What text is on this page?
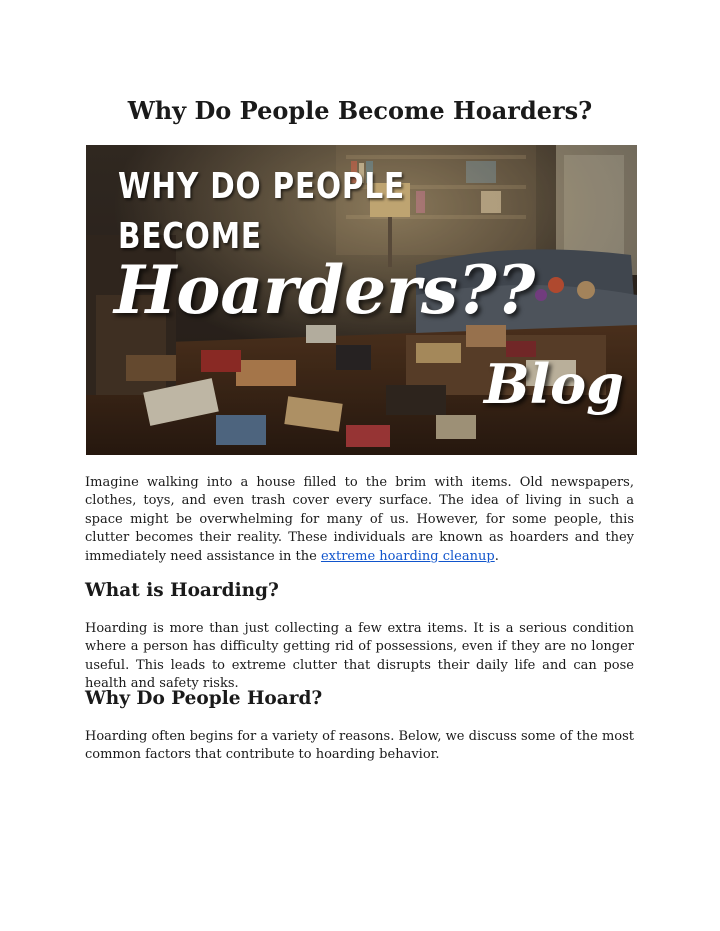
Why Do People Become Hoarders?
WHY DO PEOPLE
BECOME
Hoarders??
Blog

Imagine walking into a house filled to the brim with items. Old newspapers, clothes, toys, and even trash cover every surface. The idea of living in such a space might be overwhelming for many of us. However, for some people, this clutter becomes their reality. These individuals are known as hoarders and they immediately need assistance in the extreme hoarding cleanup.

What is Hoarding?

Hoarding is more than just collecting a few extra items. It is a serious condition where a person has difficulty getting rid of possessions, even if they are no longer useful. This leads to extreme clutter that disrupts their daily life and can pose health and safety risks.

Why Do People Hoard?

Hoarding often begins for a variety of reasons. Below, we discuss some of the most common factors that contribute to hoarding behavior.
